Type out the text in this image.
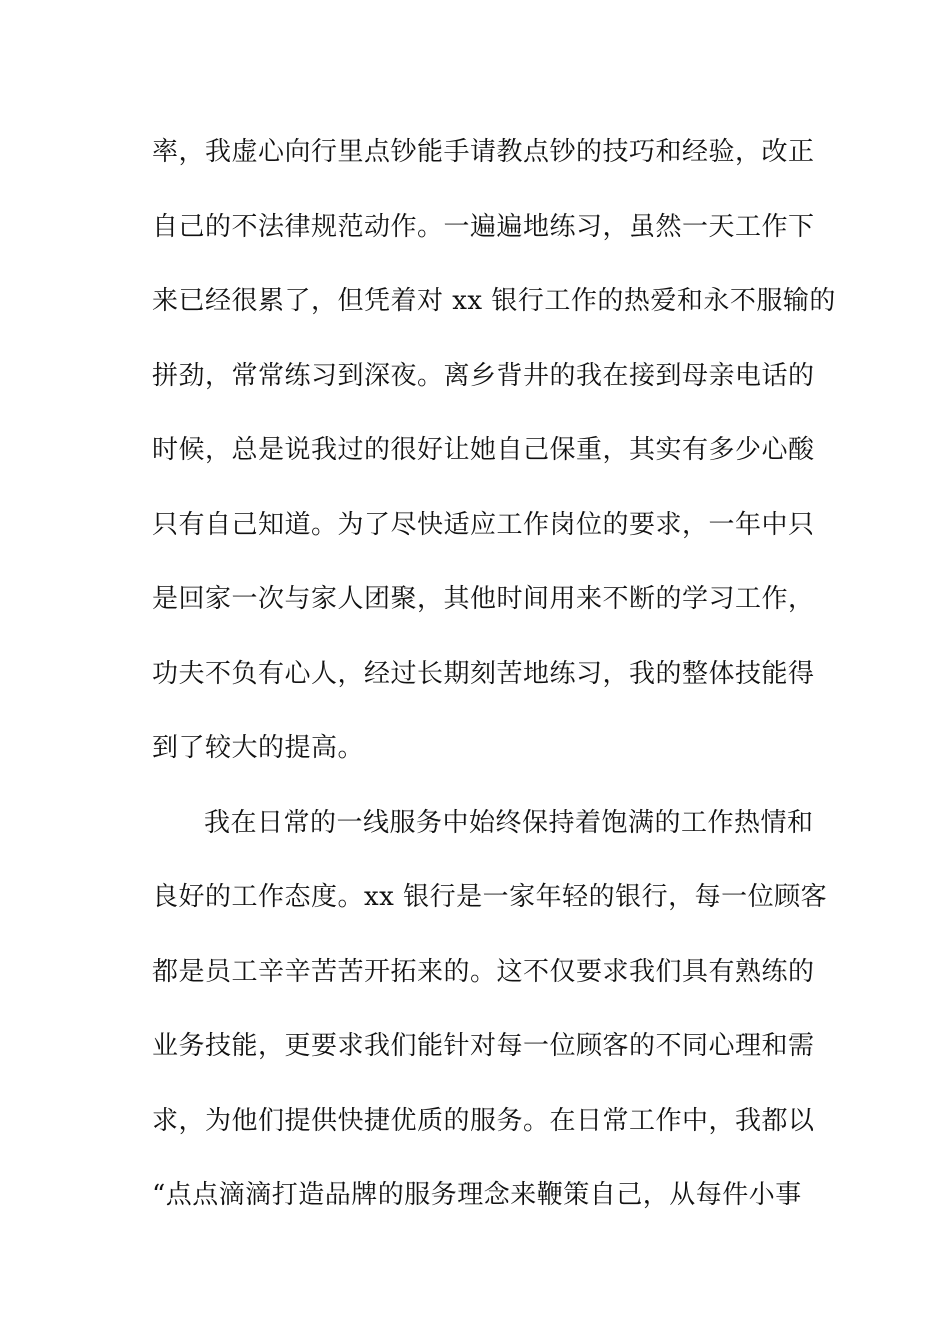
率，我虚心向行里点钞能手请教点钞的技巧和经验，改正
自己的不法律规范动作。一遍遍地练习，虽然一天工作下
来已经很累了，但凭着对 xx 银行工作的热爱和永不服输的
拼劲，常常练习到深夜。离乡背井的我在接到母亲电话的
时候，总是说我过的很好让她自己保重，其实有多少心酸
只有自己知道。为了尽快适应工作岗位的要求，一年中只
是回家一次与家人团聚，其他时间用来不断的学习工作，
功夫不负有心人，经过长期刻苦地练习，我的整体技能得
到了较大的提高。
我在日常的一线服务中始终保持着饱满的工作热情和
良好的工作态度。xx 银行是一家年轻的银行，每一位顾客
都是员工辛辛苦苦开拓来的。这不仅要求我们具有熟练的
业务技能，更要求我们能针对每一位顾客的不同心理和需
求，为他们提供快捷优质的服务。在日常工作中，我都以
“点点滴滴打造品牌的服务理念来鞭策自己，从每件小事
